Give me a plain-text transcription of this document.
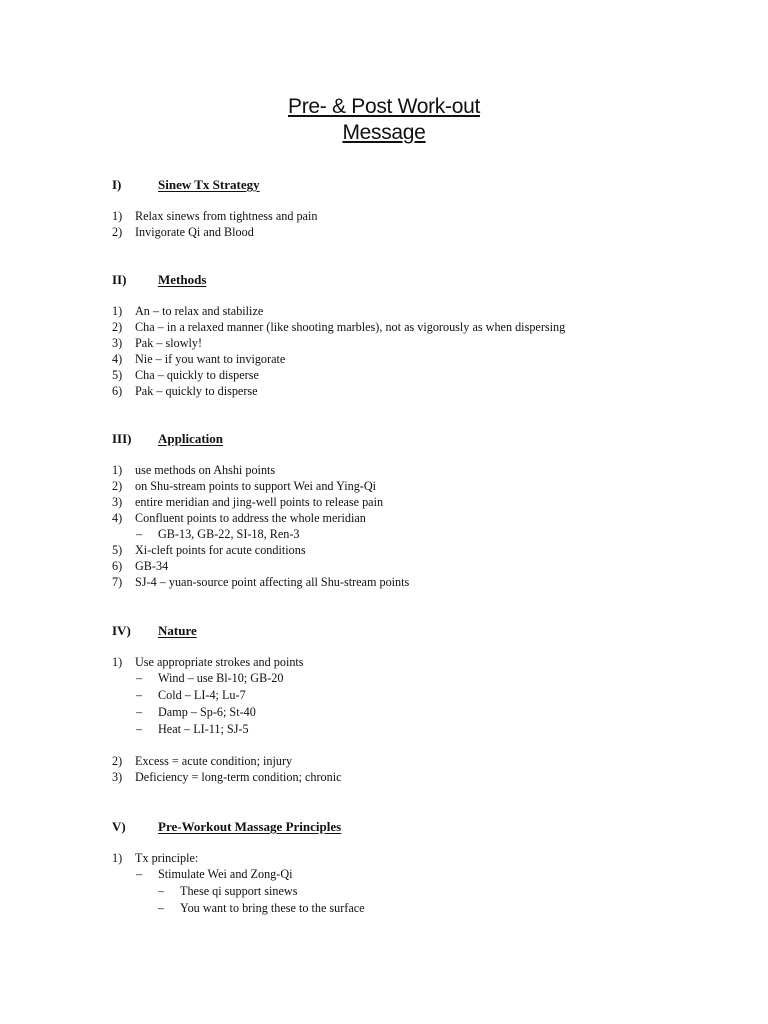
Pre- & Post Work-out
Message
I)	Sinew Tx Strategy
1) Relax sinews from tightness and pain
2) Invigorate Qi and Blood
II) Methods
1) An – to relax and stabilize
2) Cha – in a relaxed manner (like shooting marbles), not as vigorously as when dispersing
3) Pak – slowly!
4) Nie – if you want to invigorate
5) Cha – quickly to disperse
6) Pak – quickly to disperse
III) Application
1) use methods on Ahshi points
2) on Shu-stream points to support Wei and Ying-Qi
3) entire meridian and jing-well points to release pain
4) Confluent points to address the whole meridian
– GB-13, GB-22, SI-18, Ren-3
5) Xi-cleft points for acute conditions
6) GB-34
7) SJ-4 – yuan-source point affecting all Shu-stream points
IV) Nature
1) Use appropriate strokes and points
– Wind – use Bl-10; GB-20
– Cold – LI-4; Lu-7
– Damp – Sp-6; St-40
– Heat – LI-11; SJ-5
2) Excess = acute condition; injury
3) Deficiency = long-term condition; chronic
V) Pre-Workout Massage Principles
1) Tx principle:
– Stimulate Wei and Zong-Qi
– These qi support sinews
– You want to bring these to the surface
